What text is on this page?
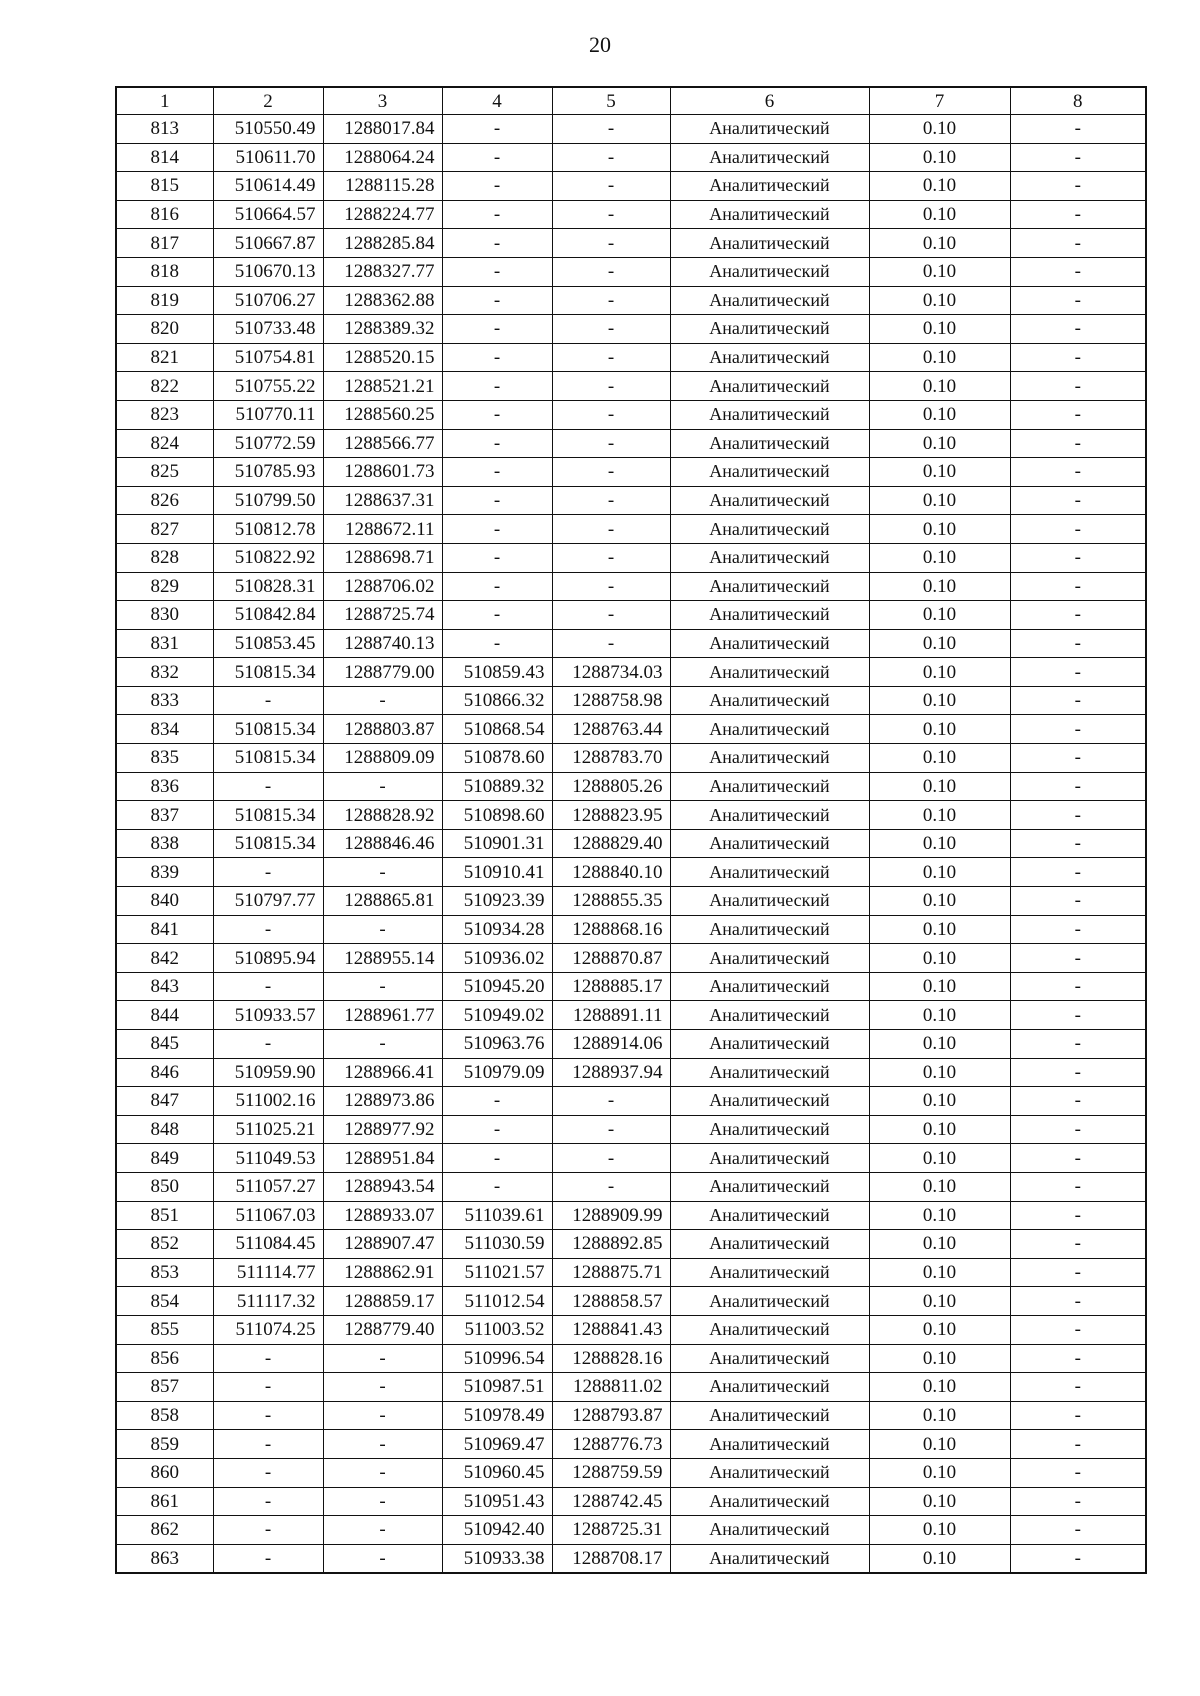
20
1	2	3	4	5	6	7	8
813	510550.49	1288017.84	-	-	Аналитический	0.10	-
814	510611.70	1288064.24	-	-	Аналитический	0.10	-
815	510614.49	1288115.28	-	-	Аналитический	0.10	-
816	510664.57	1288224.77	-	-	Аналитический	0.10	-
817	510667.87	1288285.84	-	-	Аналитический	0.10	-
818	510670.13	1288327.77	-	-	Аналитический	0.10	-
819	510706.27	1288362.88	-	-	Аналитический	0.10	-
820	510733.48	1288389.32	-	-	Аналитический	0.10	-
821	510754.81	1288520.15	-	-	Аналитический	0.10	-
822	510755.22	1288521.21	-	-	Аналитический	0.10	-
823	510770.11	1288560.25	-	-	Аналитический	0.10	-
824	510772.59	1288566.77	-	-	Аналитический	0.10	-
825	510785.93	1288601.73	-	-	Аналитический	0.10	-
826	510799.50	1288637.31	-	-	Аналитический	0.10	-
827	510812.78	1288672.11	-	-	Аналитический	0.10	-
828	510822.92	1288698.71	-	-	Аналитический	0.10	-
829	510828.31	1288706.02	-	-	Аналитический	0.10	-
830	510842.84	1288725.74	-	-	Аналитический	0.10	-
831	510853.45	1288740.13	-	-	Аналитический	0.10	-
832	510815.34	1288779.00	510859.43	1288734.03	Аналитический	0.10	-
833	-	-	510866.32	1288758.98	Аналитический	0.10	-
834	510815.34	1288803.87	510868.54	1288763.44	Аналитический	0.10	-
835	510815.34	1288809.09	510878.60	1288783.70	Аналитический	0.10	-
836	-	-	510889.32	1288805.26	Аналитический	0.10	-
837	510815.34	1288828.92	510898.60	1288823.95	Аналитический	0.10	-
838	510815.34	1288846.46	510901.31	1288829.40	Аналитический	0.10	-
839	-	-	510910.41	1288840.10	Аналитический	0.10	-
840	510797.77	1288865.81	510923.39	1288855.35	Аналитический	0.10	-
841	-	-	510934.28	1288868.16	Аналитический	0.10	-
842	510895.94	1288955.14	510936.02	1288870.87	Аналитический	0.10	-
843	-	-	510945.20	1288885.17	Аналитический	0.10	-
844	510933.57	1288961.77	510949.02	1288891.11	Аналитический	0.10	-
845	-	-	510963.76	1288914.06	Аналитический	0.10	-
846	510959.90	1288966.41	510979.09	1288937.94	Аналитический	0.10	-
847	511002.16	1288973.86	-	-	Аналитический	0.10	-
848	511025.21	1288977.92	-	-	Аналитический	0.10	-
849	511049.53	1288951.84	-	-	Аналитический	0.10	-
850	511057.27	1288943.54	-	-	Аналитический	0.10	-
851	511067.03	1288933.07	511039.61	1288909.99	Аналитический	0.10	-
852	511084.45	1288907.47	511030.59	1288892.85	Аналитический	0.10	-
853	511114.77	1288862.91	511021.57	1288875.71	Аналитический	0.10	-
854	511117.32	1288859.17	511012.54	1288858.57	Аналитический	0.10	-
855	511074.25	1288779.40	511003.52	1288841.43	Аналитический	0.10	-
856	-	-	510996.54	1288828.16	Аналитический	0.10	-
857	-	-	510987.51	1288811.02	Аналитический	0.10	-
858	-	-	510978.49	1288793.87	Аналитический	0.10	-
859	-	-	510969.47	1288776.73	Аналитический	0.10	-
860	-	-	510960.45	1288759.59	Аналитический	0.10	-
861	-	-	510951.43	1288742.45	Аналитический	0.10	-
862	-	-	510942.40	1288725.31	Аналитический	0.10	-
863	-	-	510933.38	1288708.17	Аналитический	0.10	-
